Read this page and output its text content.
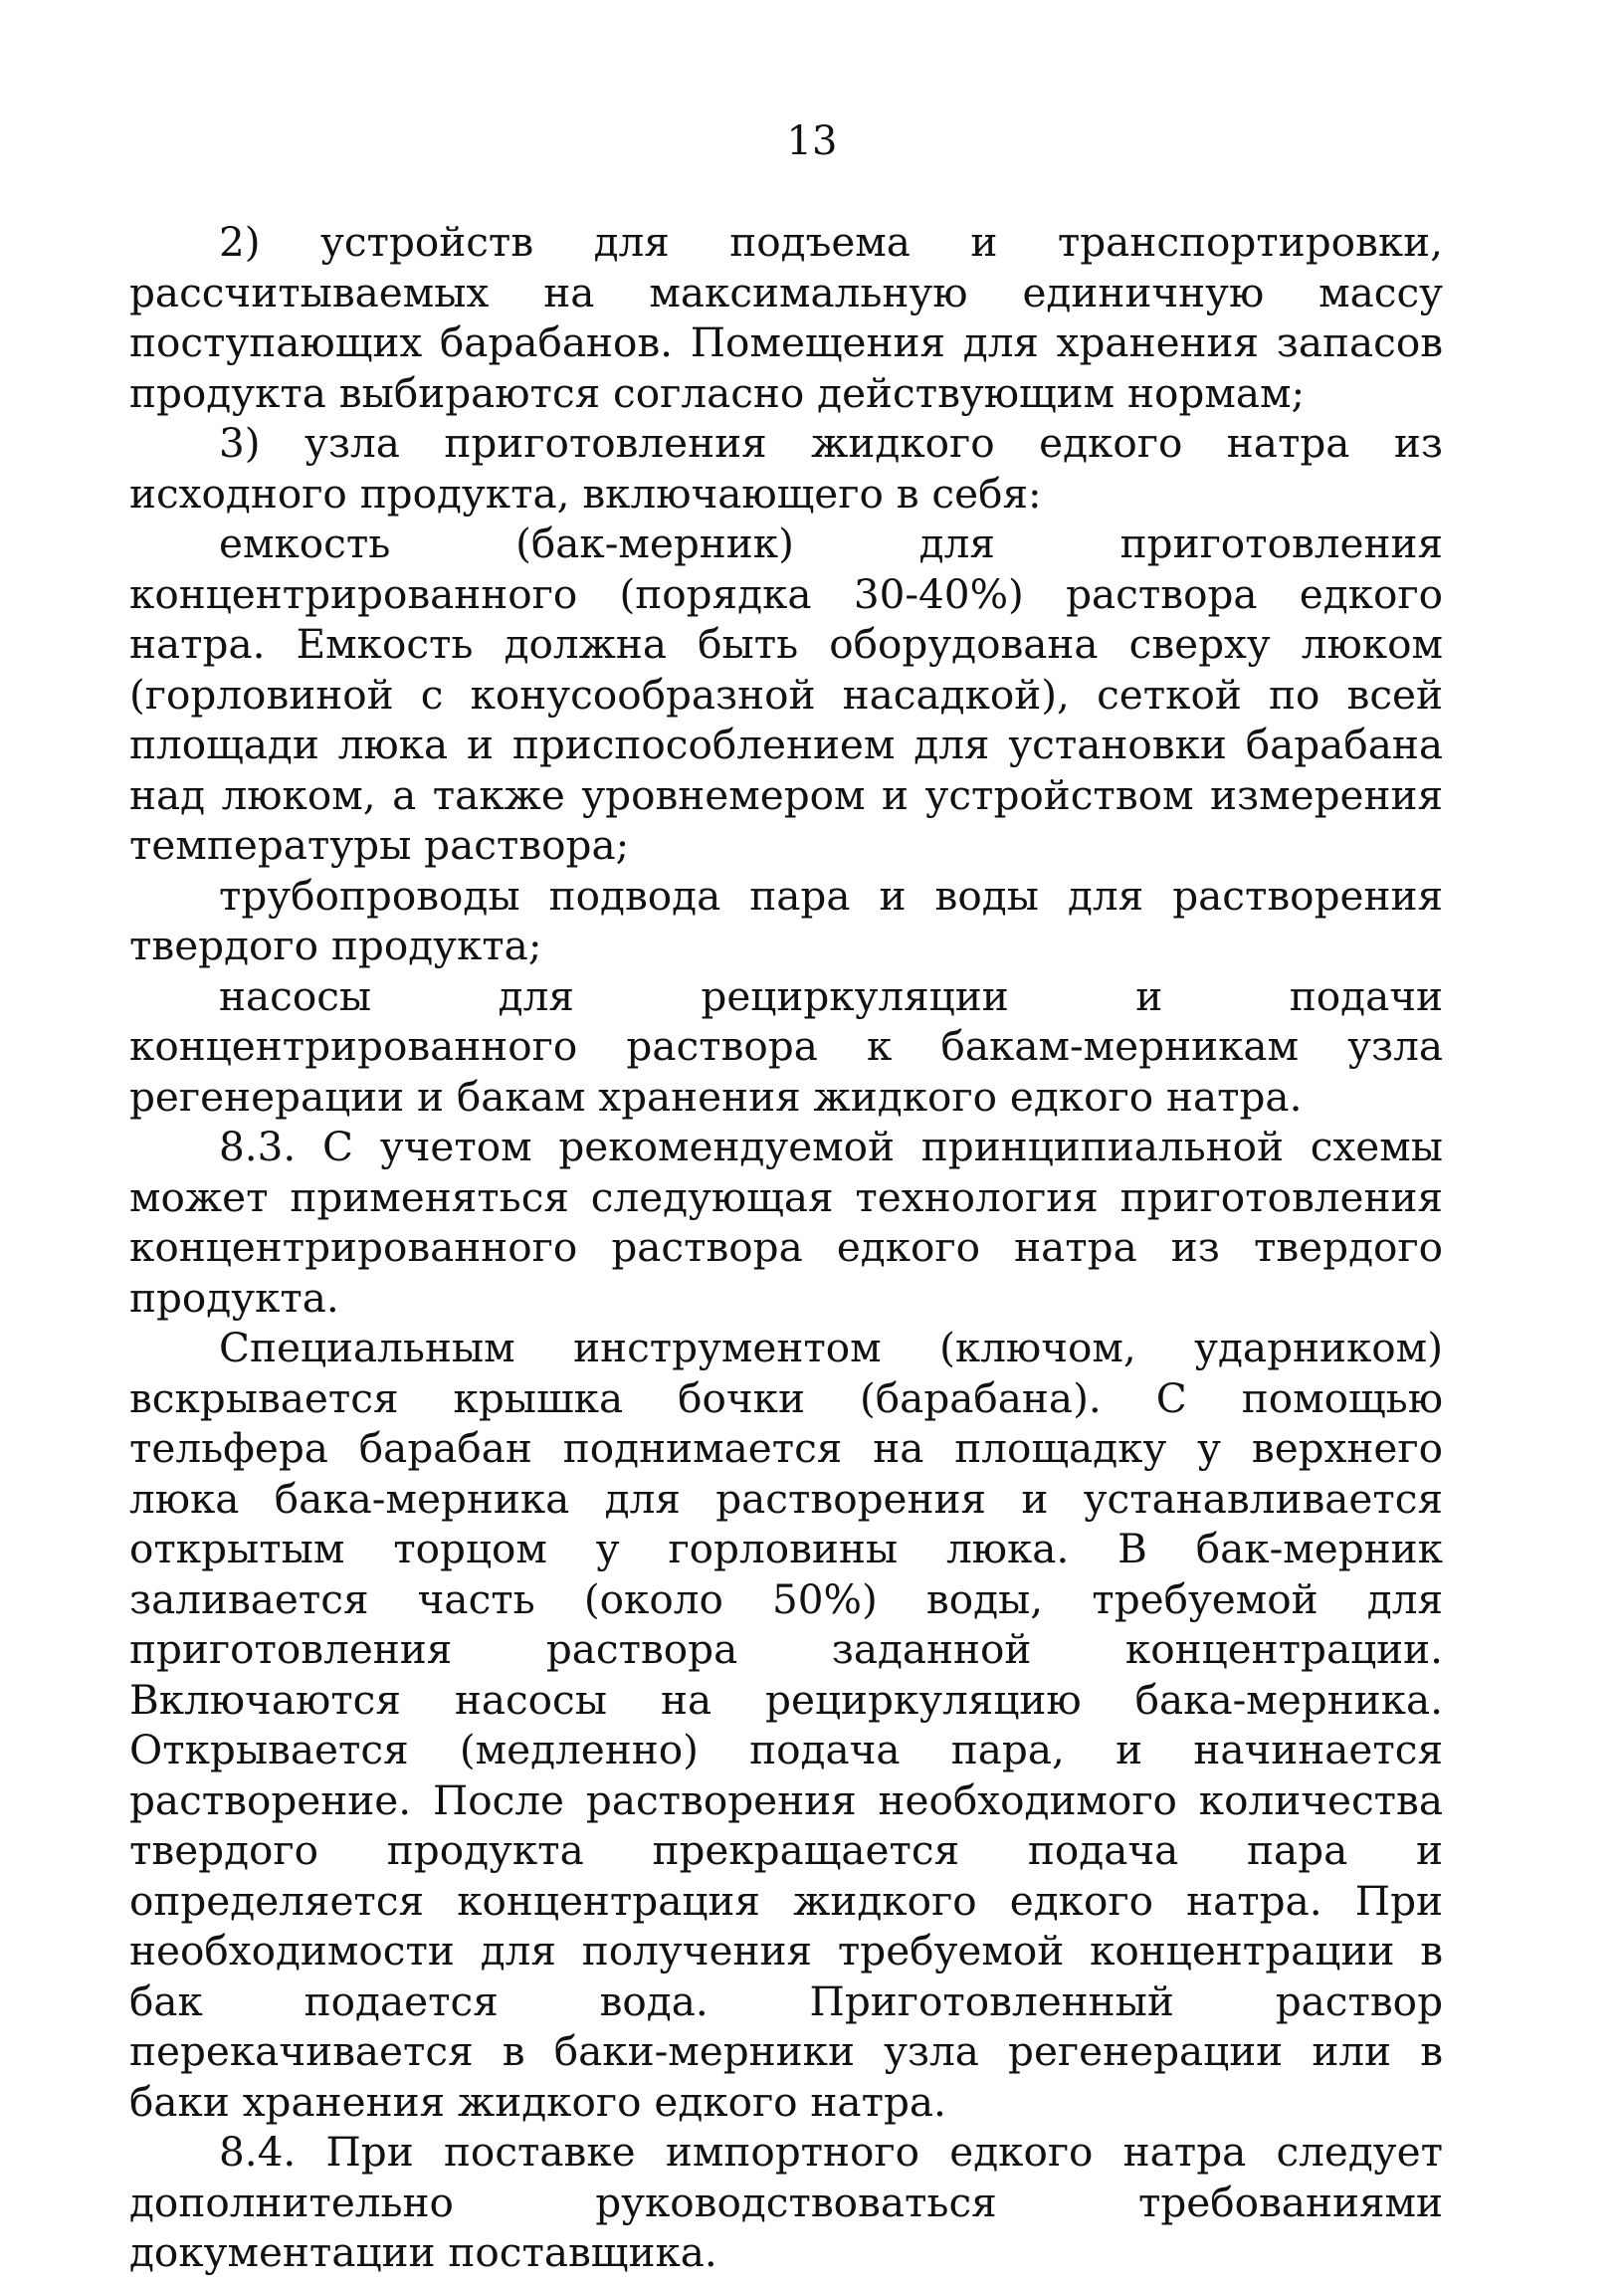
13

2) устройств для подъема и транспортировки, рассчитываемых на максимальную единичную массу поступающих барабанов. Помещения для хранения запасов продукта выбираются согласно действующим нормам;

3) узла приготовления жидкого едкого натра из исходного продукта, включающего в себя:

емкость (бак-мерник) для приготовления концентрированного (порядка 30-40%) раствора едкого натра. Емкость должна быть оборудована сверху люком (горловиной с конусообразной насадкой), сеткой по всей площади люка и приспособлением для установки барабана над люком, а также уровнемером и устройством измерения температуры раствора;

трубопроводы подвода пара и воды для растворения твердого продукта;

насосы для рециркуляции и подачи концентрированного раствора к бакам-мерникам узла регенерации и бакам хранения жидкого едкого натра.

8.3. С учетом рекомендуемой принципиальной схемы может применяться следующая технология приготовления концентрированного раствора едкого натра из твердого продукта.

Специальным инструментом (ключом, ударником) вскрывается крышка бочки (барабана). С помощью тельфера барабан поднимается на площадку у верхнего люка бака-мерника для растворения и устанавливается открытым торцом у горловины люка. В бак-мерник заливается часть (около 50%) воды, требуемой для приготовления раствора заданной концентрации. Включаются насосы на рециркуляцию бака-мерника. Открывается (медленно) подача пара, и начинается растворение. После растворения необходимого количества твердого продукта прекращается подача пара и определяется концентрация жидкого едкого натра. При необходимости для получения требуемой концентрации в бак подается вода. Приготовленный раствор перекачивается в баки-мерники узла регенерации или в баки хранения жидкого едкого натра.

8.4. При поставке импортного едкого натра следует дополнительно руководствоваться требованиями документации поставщика.
